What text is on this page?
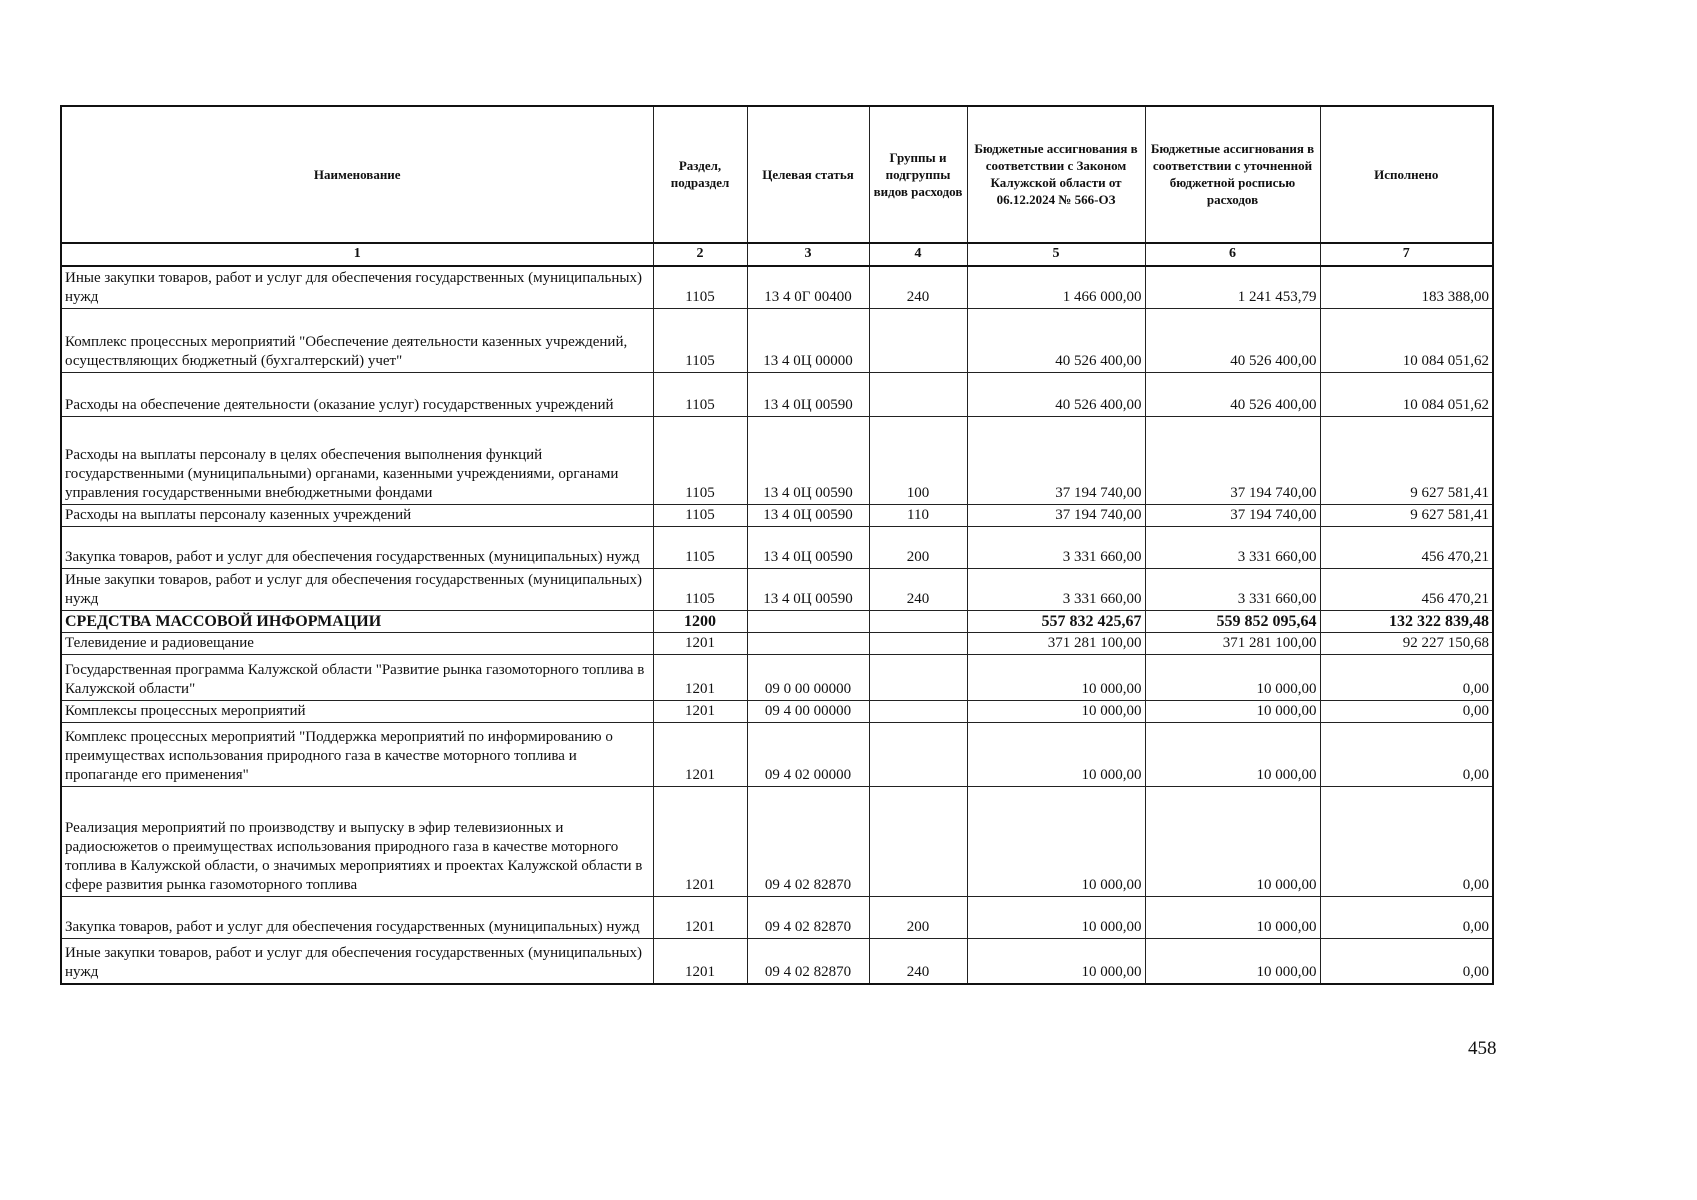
Наименование	Раздел, подраздел	Целевая статья	Группы и подгруппы видов расходов	Бюджетные ассигнования в соответствии с Законом Калужской области от 06.12.2024 № 566-ОЗ	Бюджетные ассигнования в соответствии с уточненной бюджетной росписью расходов	Исполнено
1	2	3	4	5	6	7
Иные закупки товаров, работ и услуг для обеспечения государственных (муниципальных) нужд	1105	13 4 0Г 00400	240	1 466 000,00	1 241 453,79	183 388,00
Комплекс процессных мероприятий "Обеспечение деятельности казенных учреждений, осуществляющих бюджетный (бухгалтерский) учет"	1105	13 4 0Ц 00000		40 526 400,00	40 526 400,00	10 084 051,62
Расходы на обеспечение деятельности (оказание услуг) государственных учреждений	1105	13 4 0Ц 00590		40 526 400,00	40 526 400,00	10 084 051,62
Расходы на выплаты персоналу в целях обеспечения выполнения функций государственными (муниципальными) органами, казенными учреждениями, органами управления государственными внебюджетными фондами	1105	13 4 0Ц 00590	100	37 194 740,00	37 194 740,00	9 627 581,41
Расходы на выплаты персоналу казенных учреждений	1105	13 4 0Ц 00590	110	37 194 740,00	37 194 740,00	9 627 581,41
Закупка товаров, работ и услуг для обеспечения государственных (муниципальных) нужд	1105	13 4 0Ц 00590	200	3 331 660,00	3 331 660,00	456 470,21
Иные закупки товаров, работ и услуг для обеспечения государственных (муниципальных) нужд	1105	13 4 0Ц 00590	240	3 331 660,00	3 331 660,00	456 470,21
СРЕДСТВА МАССОВОЙ ИНФОРМАЦИИ	1200			557 832 425,67	559 852 095,64	132 322 839,48
Телевидение и радиовещание	1201			371 281 100,00	371 281 100,00	92 227 150,68
Государственная программа Калужской области "Развитие рынка газомоторного топлива в Калужской области"	1201	09 0 00 00000		10 000,00	10 000,00	0,00
Комплексы процессных мероприятий	1201	09 4 00 00000		10 000,00	10 000,00	0,00
Комплекс процессных мероприятий "Поддержка мероприятий по информированию о преимуществах использования природного газа в качестве моторного топлива и пропаганде его применения"	1201	09 4 02 00000		10 000,00	10 000,00	0,00
Реализация мероприятий по производству и выпуску в эфир телевизионных и радиосюжетов о преимуществах использования природного газа в качестве моторного топлива в Калужской области, о значимых мероприятиях и проектах Калужской области в сфере развития рынка газомоторного топлива	1201	09 4 02 82870		10 000,00	10 000,00	0,00
Закупка товаров, работ и услуг для обеспечения государственных (муниципальных) нужд	1201	09 4 02 82870	200	10 000,00	10 000,00	0,00
Иные закупки товаров, работ и услуг для обеспечения государственных (муниципальных) нужд	1201	09 4 02 82870	240	10 000,00	10 000,00	0,00
458
